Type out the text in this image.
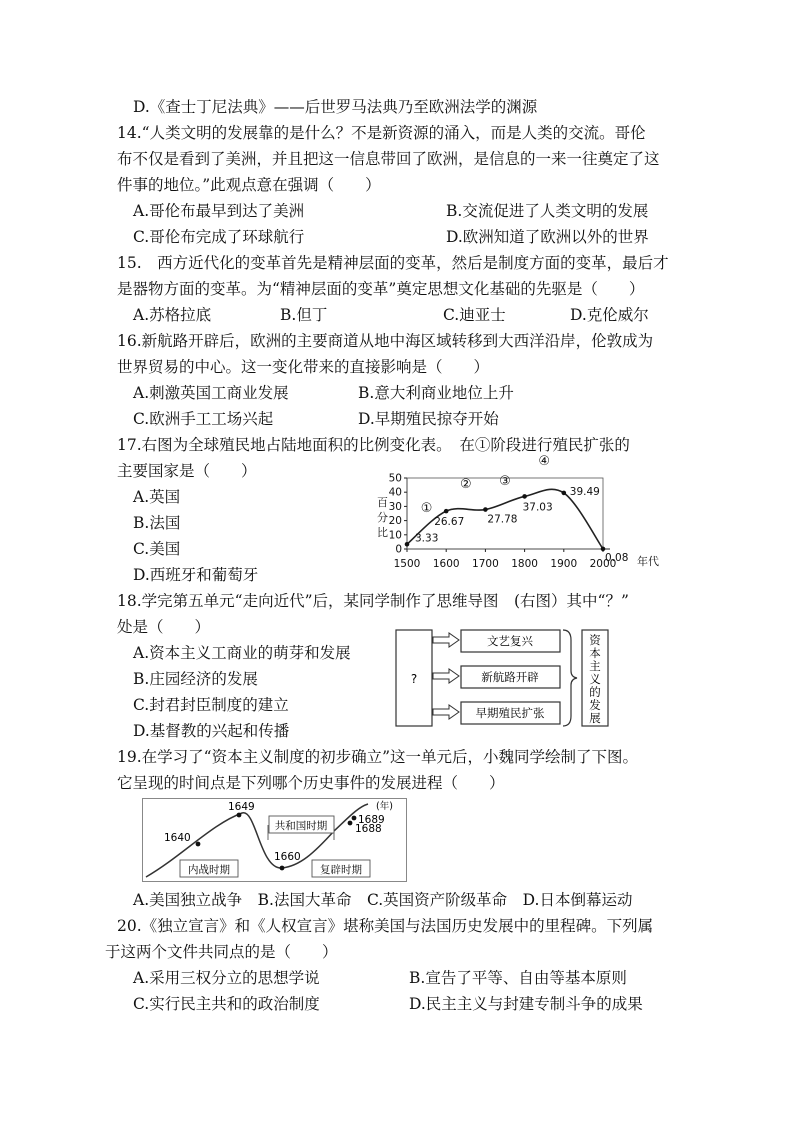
D.《查士丁尼法典》——后世罗马法典乃至欧洲法学的渊源
14.“人类文明的发展靠的是什么？不是新资源的涌入，而是人类的交流。哥伦
布不仅是看到了美洲，并且把这一信息带回了欧洲，是信息的一来一往奠定了这
件事的地位。”此观点意在强调（　　）
A.哥伦布最早到达了美洲	B.交流促进了人类文明的发展
C.哥伦布完成了环球航行	D.欧洲知道了欧洲以外的世界
15.　西方近代化的变革首先是精神层面的变革，然后是制度方面的变革，最后才
是器物方面的变革。为“精神层面的变革”奠定思想文化基础的先驱是（　　）
A.苏格拉底	B.但丁	C.迪亚士	D.克伦威尔
16.新航路开辟后，欧洲的主要商道从地中海区域转移到大西洋沿岸，伦敦成为
世界贸易的中心。这一变化带来的直接影响是（　　）
A.刺激英国工商业发展	B.意大利商业地位上升
C.欧洲手工工场兴起	D.早期殖民掠夺开始
17.右图为全球殖民地占陆地面积的比例变化表。　在①阶段进行殖民扩张的
主要国家是（　　）
A.英国
B.法国
C.美国
D.西班牙和葡萄牙
百分比
0
10
20
30
40
50
1500 1600 1700 1800 1900 2000
3.33
26.67 27.78
37.03
39.49
0.08
①
② ③
④
年代
18.学完第五单元“走向近代”后，某同学制作了思维导图　(右图）其中“？”
处是（　　）
A.资本主义工商业的萌芽和发展
B.庄园经济的发展
C.封君封臣制度的建立
D.基督教的兴起和传播
?
文艺复兴
新航路开辟
早期殖民扩张
资
本
主
义
的
发
展
19.在学习了“资本主义制度的初步确立”这一单元后，小魏同学绘制了下图。
它呈现的时间点是下列哪个历史事件的发展进程（　　）
1640
1649
1660
1688
1689
(年)
内战时期
共和国时期
复辟时期
A.美国独立战争　B.法国大革命　C.英国资产阶级革命　D.日本倒幕运动
20.《独立宣言》和《人权宣言》堪称美国与法国历史发展中的里程碑。下列属
于这两个文件共同点的是（　　）
A.采用三权分立的思想学说	B.宣告了平等、自由等基本原则
C.实行民主共和的政治制度	D.民主主义与封建专制斗争的成果
